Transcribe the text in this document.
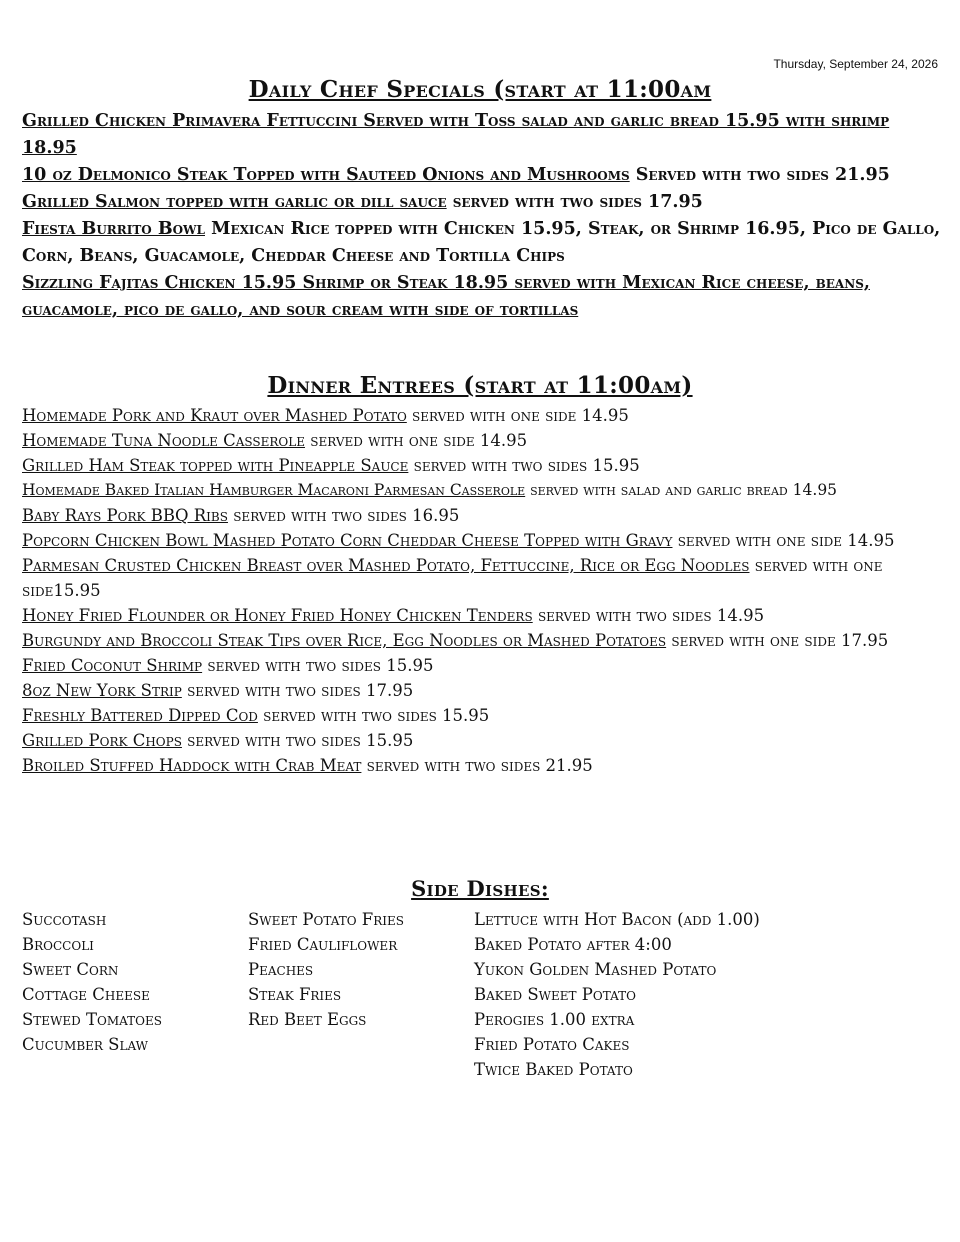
Thursday, September 24, 2026
Daily Chef Specials (start at 11:00am

Grilled Chicken Primavera Fettuccini Served with Toss salad and garlic bread 15.95 with shrimp 18.95

10 oz Delmonico Steak Topped with Sauteed Onions and Mushrooms Served with two sides 21.95

Grilled Salmon topped with garlic or dill sauce served with two sides 17.95

Fiesta Burrito Bowl Mexican Rice topped with Chicken 15.95, Steak, or Shrimp 16.95, Pico de Gallo, Corn, Beans, Guacamole, Cheddar Cheese and Tortilla Chips

Sizzling Fajitas Chicken 15.95 Shrimp or Steak 18.95 served with Mexican Rice cheese, beans, guacamole, pico de gallo, and sour cream with side of tortillas

Dinner Entrees (start at 11:00am)

Homemade Pork and Kraut over Mashed Potato served with one side 14.95

Homemade Tuna Noodle Casserole served with one side 14.95

Grilled Ham Steak topped with Pineapple Sauce served with two sides 15.95

Homemade Baked Italian Hamburger Macaroni Parmesan Casserole served with salad and garlic bread 14.95

Baby Rays Pork BBQ Ribs served with two sides 16.95

Popcorn Chicken Bowl Mashed Potato Corn Cheddar Cheese Topped with Gravy served with one side 14.95

Parmesan Crusted Chicken Breast over Mashed Potato, Fettuccine, Rice or Egg Noodles served with one side15.95

Honey Fried Flounder or Honey Fried Honey Chicken Tenders served with two sides 14.95

Burgundy and Broccoli Steak Tips over Rice, Egg Noodles or Mashed Potatoes served with one side 17.95

Fried Coconut Shrimp served with two sides 15.95

8oz New York Strip served with two sides 17.95

Freshly Battered Dipped Cod served with two sides 15.95

Grilled Pork Chops served with two sides 15.95

Broiled Stuffed Haddock with Crab Meat served with two sides 21.95

Side Dishes:
Succotash
Broccoli
Sweet Corn
Cottage Cheese
Stewed Tomatoes
Cucumber Slaw
Sweet Potato Fries
Fried Cauliflower
Peaches
Steak Fries
Red Beet Eggs
Lettuce with Hot Bacon (add 1.00)
Baked Potato after 4:00
Yukon Golden Mashed Potato
Baked Sweet Potato
Perogies 1.00 extra
Fried Potato Cakes
Twice Baked Potato
